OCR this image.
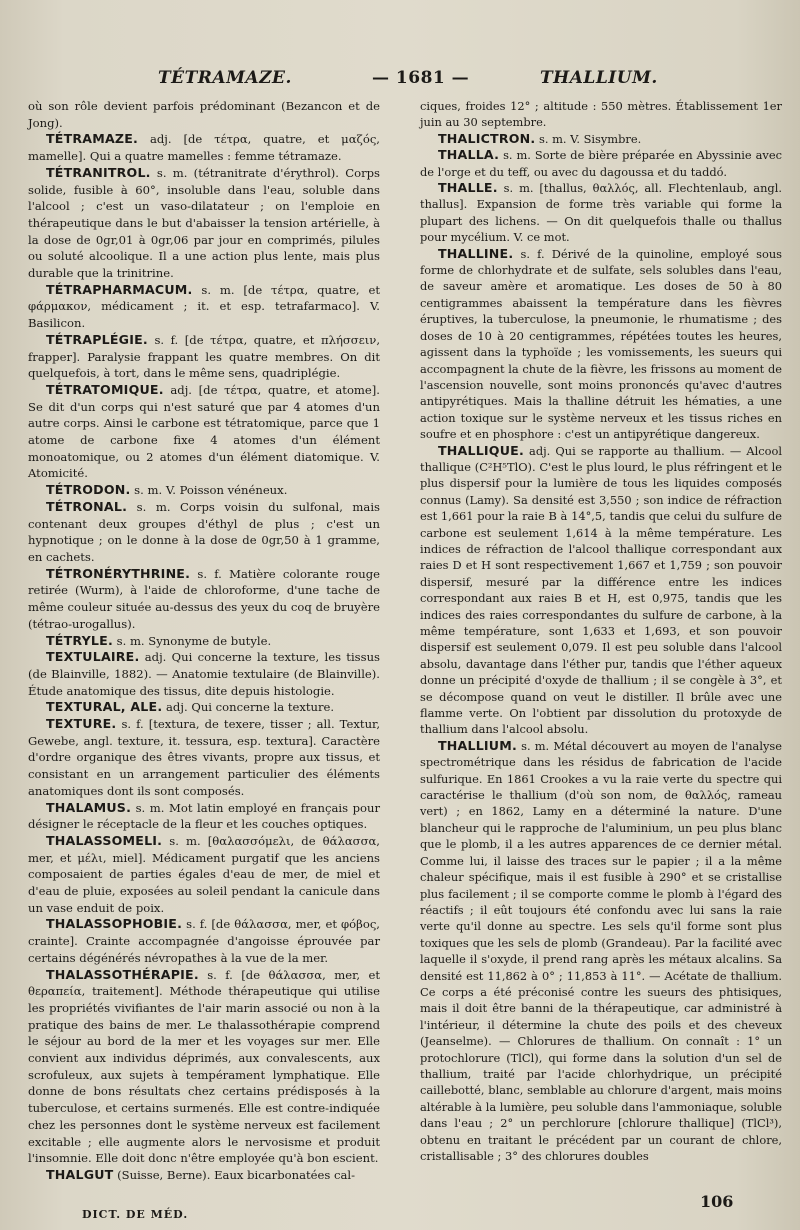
TÉTRAMAZE.	— 1681 —	THALLIUM.

où son rôle devient parfois prédominant (Bezancon et de Jong).

TÉTRAMAZE. adj. [de τέτρα, quatre, et μαζός, mamelle]. Qui a quatre mamelles : femme tétramaze.

TÉTRANITROL. s. m. (tétranitrate d'érythrol). Corps solide, fusible à 60°, insoluble dans l'eau, soluble dans l'alcool ; c'est un vaso-dilatateur ; on l'emploie en thérapeutique dans le but d'abaisser la tension artérielle, à la dose de 0gr,01 à 0gr,06 par jour en comprimés, pilules ou soluté alcoolique. Il a une action plus lente, mais plus durable que la trinitrine.

TÉTRAPHARMACUM. s. m. [de τέτρα, quatre, et φάρμακον, médicament ; it. et esp. tetrafarmaco]. V. Basilicon.

TÉTRAPLÉGIE. s. f. [de τέτρα, quatre, et πλήσσειν, frapper]. Paralysie frappant les quatre membres. On dit quelquefois, à tort, dans le même sens, quadriplégie.

TÉTRATOMIQUE. adj. [de τέτρα, quatre, et atome]. Se dit d'un corps qui n'est saturé que par 4 atomes d'un autre corps. Ainsi le carbone est tétratomique, parce que 1 atome de carbone fixe 4 atomes d'un élément monoatomique, ou 2 atomes d'un élément diatomique. V. Atomicité.

TÉTRODON. s. m. V. Poisson vénéneux.

TÉTRONAL. s. m. Corps voisin du sulfonal, mais contenant deux groupes d'éthyl de plus ; c'est un hypnotique ; on le donne à la dose de 0gr,50 à 1 gramme, en cachets.

TÉTRONÉRYTHRINE. s. f. Matière colorante rouge retirée (Wurm), à l'aide de chloroforme, d'une tache de même couleur située au-dessus des yeux du coq de bruyère (tétrao-urogallus).

TÉTRYLE. s. m. Synonyme de butyle.

TEXTULAIRE. adj. Qui concerne la texture, les tissus (de Blainville, 1882). — Anatomie textulaire (de Blainville). Étude anatomique des tissus, dite depuis histologie.

TEXTURAL, ALE. adj. Qui concerne la texture.

TEXTURE. s. f. [textura, de texere, tisser ; all. Textur, Gewebe, angl. texture, it. tessura, esp. textura]. Caractère d'ordre organique des êtres vivants, propre aux tissus, et consistant en un arrangement particulier des éléments anatomiques dont ils sont composés.

THALAMUS. s. m. Mot latin employé en français pour désigner le réceptacle de la fleur et les couches optiques.

THALASSOMELI. s. m. [θαλασσόμελι, de θάλασσα, mer, et μέλι, miel]. Médicament purgatif que les anciens composaient de parties égales d'eau de mer, de miel et d'eau de pluie, exposées au soleil pendant la canicule dans un vase enduit de poix.

THALASSOPHOBIE. s. f. [de θάλασσα, mer, et φόβος, crainte]. Crainte accompagnée d'angoisse éprouvée par certains dégénérés névropathes à la vue de la mer.

THALASSOTHÉRAPIE. s. f. [de θάλασσα, mer, et θεραπεία, traitement]. Méthode thérapeutique qui utilise les propriétés vivifiantes de l'air marin associé ou non à la pratique des bains de mer. Le thalassothérapie comprend le séjour au bord de la mer et les voyages sur mer. Elle convient aux individus déprimés, aux convalescents, aux scrofuleux, aux sujets à tempérament lymphatique. Elle donne de bons résultats chez certains prédisposés à la tuberculose, et certains surmenés. Elle est contre-indiquée chez les personnes dont le système nerveux est facilement excitable ; elle augmente alors le nervosisme et produit l'insomnie. Elle doit donc n'être employée qu'à bon escient.

THALGUT (Suisse, Berne). Eaux bicarbonatées cal-

ciques, froides 12° ; altitude : 550 mètres. Établissement 1er juin au 30 septembre.

THALICTRON. s. m. V. Sisymbre.

THALLA. s. m. Sorte de bière préparée en Abyssinie avec de l'orge et du teff, ou avec du dagoussa et du taddó.

THALLE. s. m. [thallus, θαλλός, all. Flechtenlaub, angl. thallus]. Expansion de forme très variable qui forme la plupart des lichens. — On dit quelquefois thalle ou thallus pour mycélium. V. ce mot.

THALLINE. s. f. Dérivé de la quinoline, employé sous forme de chlorhydrate et de sulfate, sels solubles dans l'eau, de saveur amère et aromatique. Les doses de 50 à 80 centigrammes abaissent la température dans les fièvres éruptives, la tuberculose, la pneumonie, le rhumatisme ; des doses de 10 à 20 centigrammes, répétées toutes les heures, agissent dans la typhoïde ; les vomissements, les sueurs qui accompagnent la chute de la fièvre, les frissons au moment de l'ascension nouvelle, sont moins prononcés qu'avec d'autres antipyrétiques. Mais la thalline détruit les hématies, a une action toxique sur le système nerveux et les tissus riches en soufre et en phosphore : c'est un antipyrétique dangereux.

THALLIQUE. adj. Qui se rapporte au thallium. — Alcool thallique (C²H⁵TlO). C'est le plus lourd, le plus réfringent et le plus dispersif pour la lumière de tous les liquides composés connus (Lamy). Sa densité est 3,550 ; son indice de réfraction est 1,661 pour la raie B à 14°,5, tandis que celui du sulfure de carbone est seulement 1,614 à la même température. Les indices de réfraction de l'alcool thallique correspondant aux raies D et H sont respectivement 1,667 et 1,759 ; son pouvoir dispersif, mesuré par la différence entre les indices correspondant aux raies B et H, est 0,975, tandis que les indices des raies correspondantes du sulfure de carbone, à la même température, sont 1,633 et 1,693, et son pouvoir dispersif est seulement 0,079. Il est peu soluble dans l'alcool absolu, davantage dans l'éther pur, tandis que l'éther aqueux donne un précipité d'oxyde de thallium ; il se congèle à 3°, et se décompose quand on veut le distiller. Il brûle avec une flamme verte. On l'obtient par dissolution du protoxyde de thallium dans l'alcool absolu.

THALLIUM. s. m. Métal découvert au moyen de l'analyse spectrométrique dans les résidus de fabrication de l'acide sulfurique. En 1861 Crookes a vu la raie verte du spectre qui caractérise le thallium (d'où son nom, de θαλλός, rameau vert) ; en 1862, Lamy en a déterminé la nature. D'une blancheur qui le rapproche de l'aluminium, un peu plus blanc que le plomb, il a les autres apparences de ce dernier métal. Comme lui, il laisse des traces sur le papier ; il a la même chaleur spécifique, mais il est fusible à 290° et se cristallise plus facilement ; il se comporte comme le plomb à l'égard des réactifs ; il eût toujours été confondu avec lui sans la raie verte qu'il donne au spectre. Les sels qu'il forme sont plus toxiques que les sels de plomb (Grandeau). Par la facilité avec laquelle il s'oxyde, il prend rang après les métaux alcalins. Sa densité est 11,862 à 0° ; 11,853 à 11°. — Acétate de thallium. Ce corps a été préconisé contre les sueurs des phtisiques, mais il doit être banni de la thérapeutique, car administré à l'intérieur, il détermine la chute des poils et des cheveux (Jeanselme). — Chlorures de thallium. On connaît : 1° un protochlorure (TlCl), qui forme dans la solution d'un sel de thallium, traité par l'acide chlorhydrique, un précipité caillebotté, blanc, semblable au chlorure d'argent, mais moins altérable à la lumière, peu soluble dans l'ammoniaque, soluble dans l'eau ; 2° un perchlorure [chlorure thallique] (TlCl³), obtenu en traitant le précédent par un courant de chlore, cristallisable ; 3° des chlorures doubles

DICT. DE MÉD.
106
